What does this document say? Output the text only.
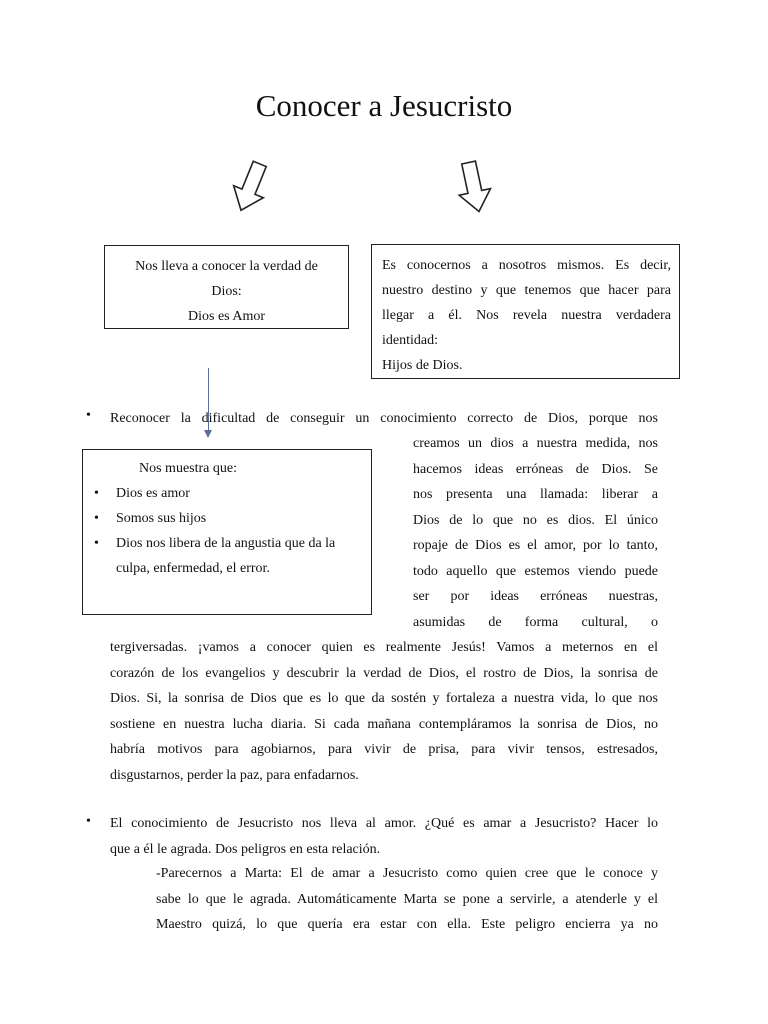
Conocer a Jesucristo
Nos lleva a conocer la verdad de
Dios:
Dios es Amor
Es conocernos a nosotros mismos. Es decir,
nuestro destino y que tenemos que hacer para
llegar a él. Nos revela nuestra verdadera
identidad:
Hijos de Dios.
• Reconocer la dificultad de conseguir un conocimiento correcto de Dios, porque nos
Nos muestra que:
• Dios es amor
• Somos sus hijos
• Dios nos libera de la angustia que da la
culpa, enfermedad, el error.
creamos un dios a nuestra medida, nos
hacemos ideas erróneas de Dios. Se
nos presenta una llamada: liberar a
Dios de lo que no es dios. El único
ropaje de Dios es el amor, por lo tanto,
todo aquello que estemos viendo puede
ser por ideas erróneas nuestras,
asumidas de forma cultural, o
tergiversadas. ¡vamos a conocer quien es realmente Jesús! Vamos a meternos en el
corazón de los evangelios y descubrir la verdad de Dios, el rostro de Dios, la sonrisa de
Dios. Si, la sonrisa de Dios que es lo que da sostén y fortaleza a nuestra vida, lo que nos
sostiene en nuestra lucha diaria. Si cada mañana contempláramos la sonrisa de Dios, no
habría motivos para agobiarnos, para vivir de prisa, para vivir tensos, estresados,
disgustarnos, perder la paz, para enfadarnos.
• El conocimiento de Jesucristo nos lleva al amor. ¿Qué es amar a Jesucristo? Hacer lo
que a él le agrada. Dos peligros en esta relación.
-Parecernos a Marta: El de amar a Jesucristo como quien cree que le conoce y
sabe lo que le agrada. Automáticamente Marta se pone a servirle, a atenderle y el
Maestro quizá, lo que quería era estar con ella. Este peligro encierra ya no
